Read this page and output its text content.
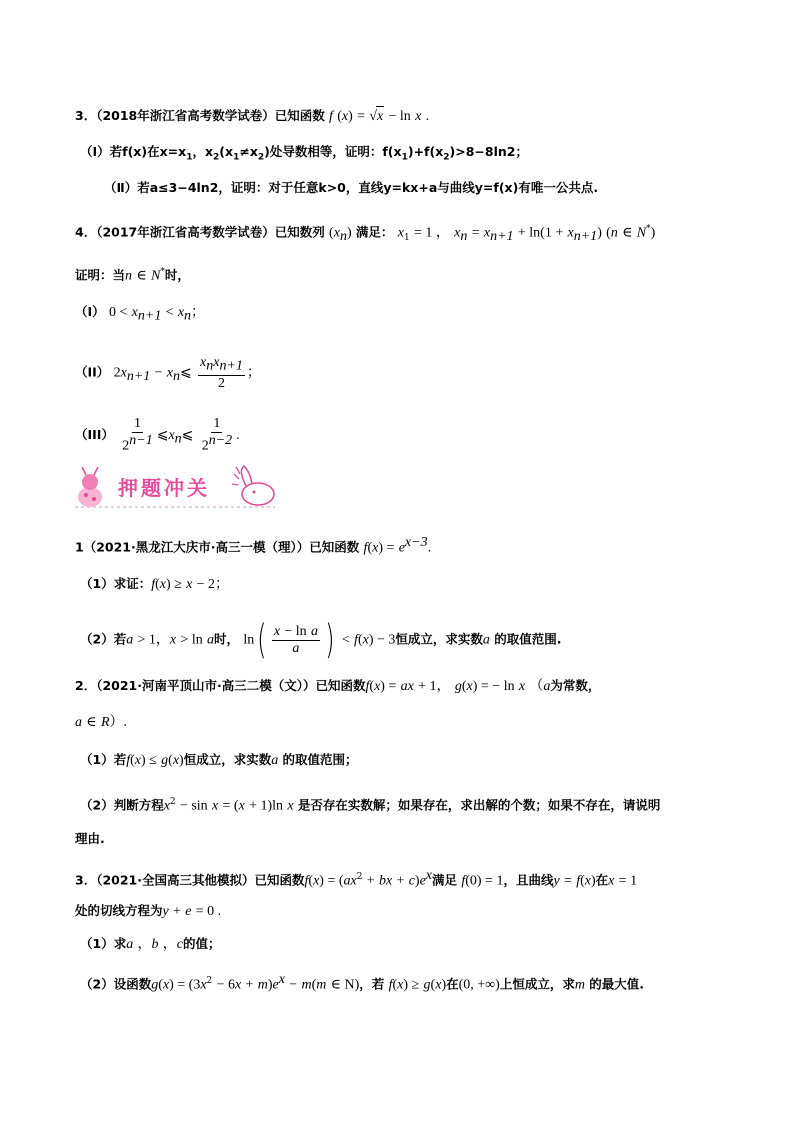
3．（2018年浙江省高考数学试卷）已知函数 f (x) = √x − ln x .
（Ⅰ）若f(x)在$x=x_1$，$x_2(x_1\ne x_2)$处导数相等，证明：$f(x_1)+f(x_2)>8-8\ln 2$；
（Ⅱ）若a≤3−4ln2，证明：对于任意k>0，直线y=kx+a与曲线y=f(x)有唯一公共点.
4．（2017年浙江省高考数学试卷）已知数列 $(x_n)$ 满足： $x_1 = 1$ ， $x_n = x_{n+1} + \ln(1 + x_{n+1})$ (n ∈ N*)
证明：当n ∈ N*时，
（I） $0 < x_{n+1} < x_n$；
（II） $2x_{n+1}$ − $x_n⩽ \frac{x_nx_{n+1}}{2}$ ；
$(III) \frac{1}{2^{n-1}}$ $⩽x_n⩽ \frac{1}{2^{n-2}}$ .
押题冲关
1（2021·黑龙江大庆市·高三一模（理））已知函数 $f(x) = e^{x-3}$.
（1）求证：f(x) ≥ x − 2；
（2）若a > 1，x > ln a时， ln ( $\frac{\text{x − ln a}}{a}$ ) < f(x) − 3恒成立，求实数a 的取值范围.
2．（2021·河南平顶山市·高三二模（文））已知函数f(x) = ax + 1， g(x) = − ln x （a为常数，
a ∈ R）.
（1）若f(x) ≤ g(x)恒成立，求实数a 的取值范围；
（2）判断方程$x^2 - \sin x = (x + 1)\ln$ x 是否存在实数解；如果存在，求出解的个数；如果不存在，请说明
理由.
3．（2021·全国高三其他模拟）已知函数$f(x) = (ax^2$ + bx + $c)e^x$满足 f(0) = 1，且曲线y = f(x)在x = 1
处的切线方程为y + e = 0 .
（1）求a ，b ，c的值；
（2）设函数$g(x) = (3x^2 - 6x + m)e^x - m(m$ ∈ N)，若 f(x) ≥ g(x)在(0, +∞)上恒成立，求m 的最大值.
